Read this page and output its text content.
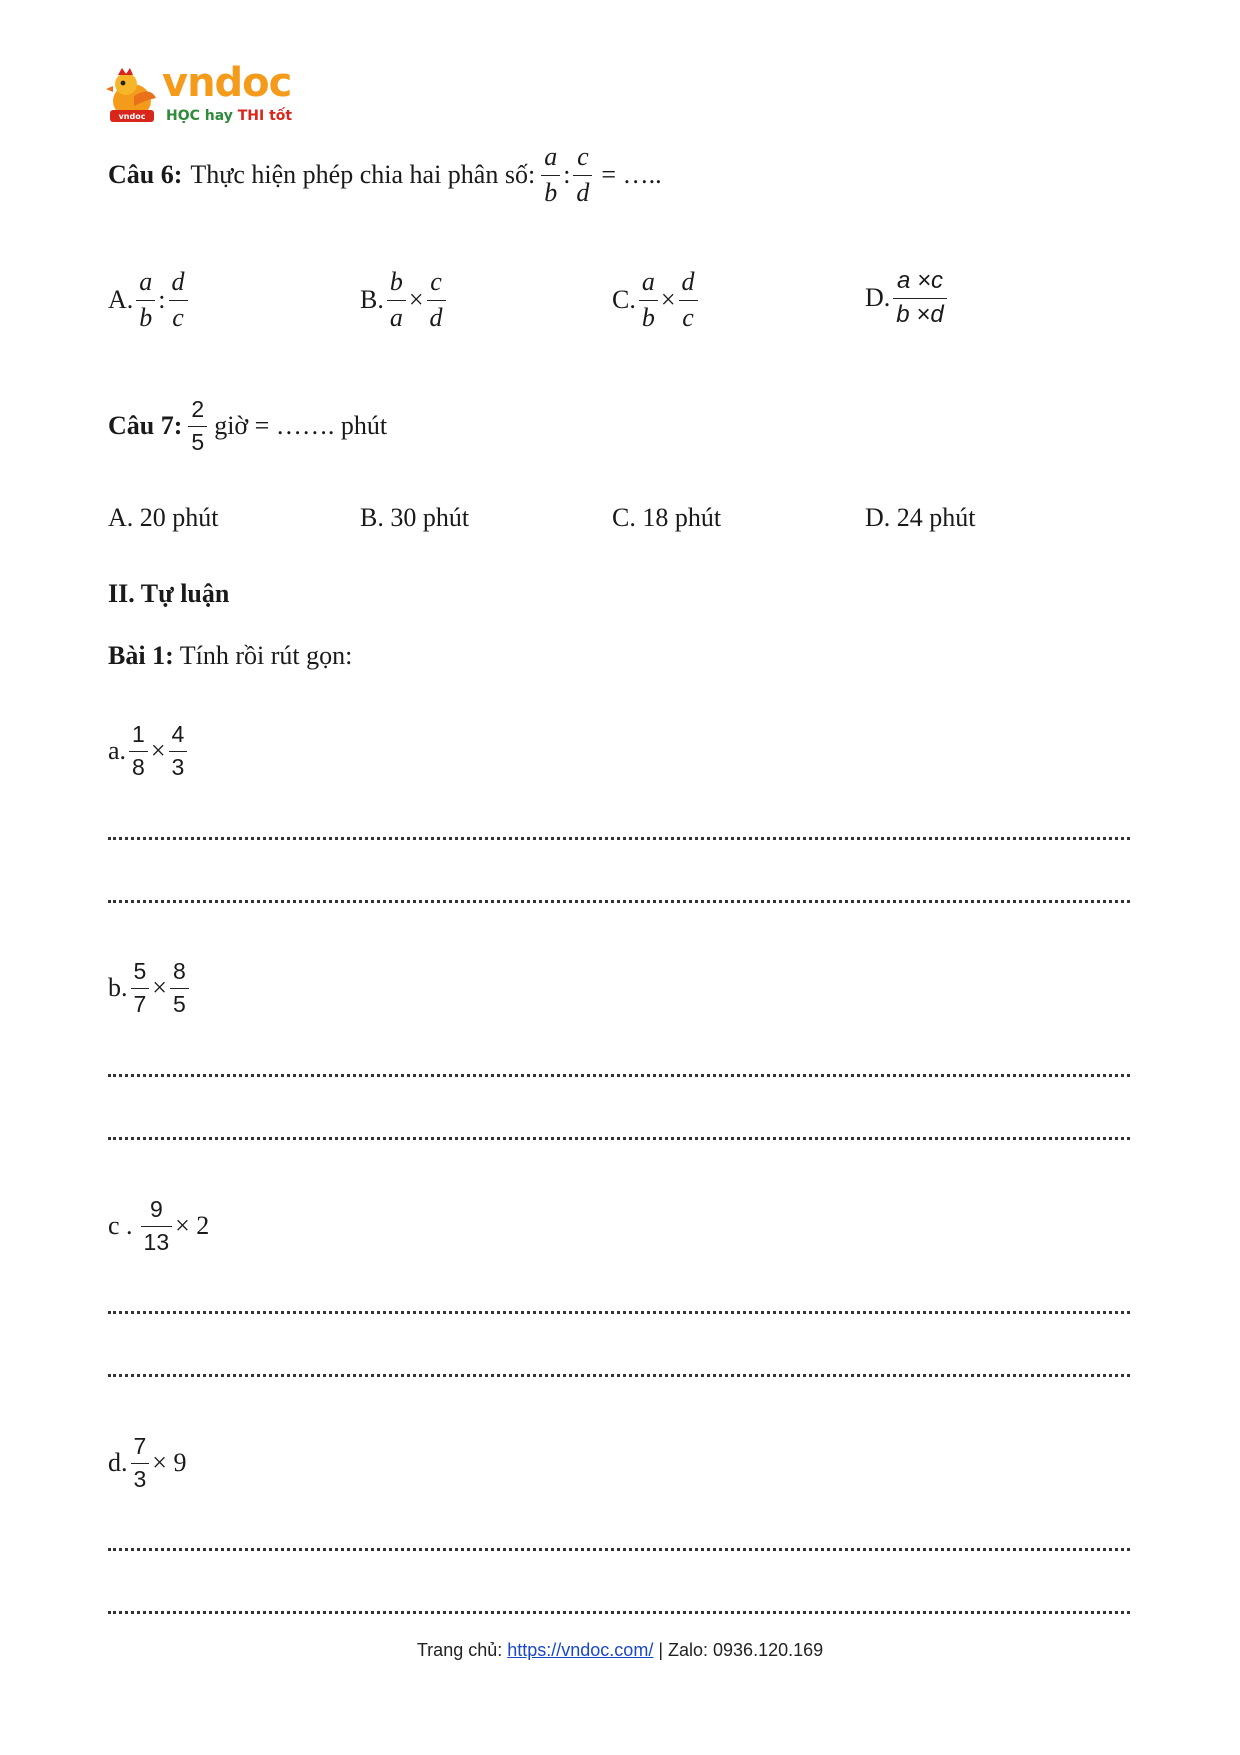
vndoc
vndoc
HỌC hay THI tốt
Câu 6: Thực hiện phép chia hai phân số: $\frac{a}{b}$ : $\frac{c}{d}$ = …..
A. $\frac{a}{b}$ : $\frac{d}{c}$	B. $\frac{b}{a} \times \frac{c}{d}$	C. $\frac{a}{b} \times \frac{d}{c}$	D. $\frac{a \times c}{b \times d}$
Câu 7: $\frac{2}{5}$ giờ = ……. phút
A. 20 phút	B. 30 phút	C. 18 phút	D. 24 phút
II. Tự luận
Bài 1: Tính rồi rút gọn:
a. $\frac{1}{8} \times \frac{4}{3}$
b. $\frac{5}{7} \times \frac{8}{5}$
c . $\frac{9}{13} \times 2$
d. $\frac{7}{3} \times 9$
Trang chủ: https://vndoc.com/ | Zalo: 0936.120.169
